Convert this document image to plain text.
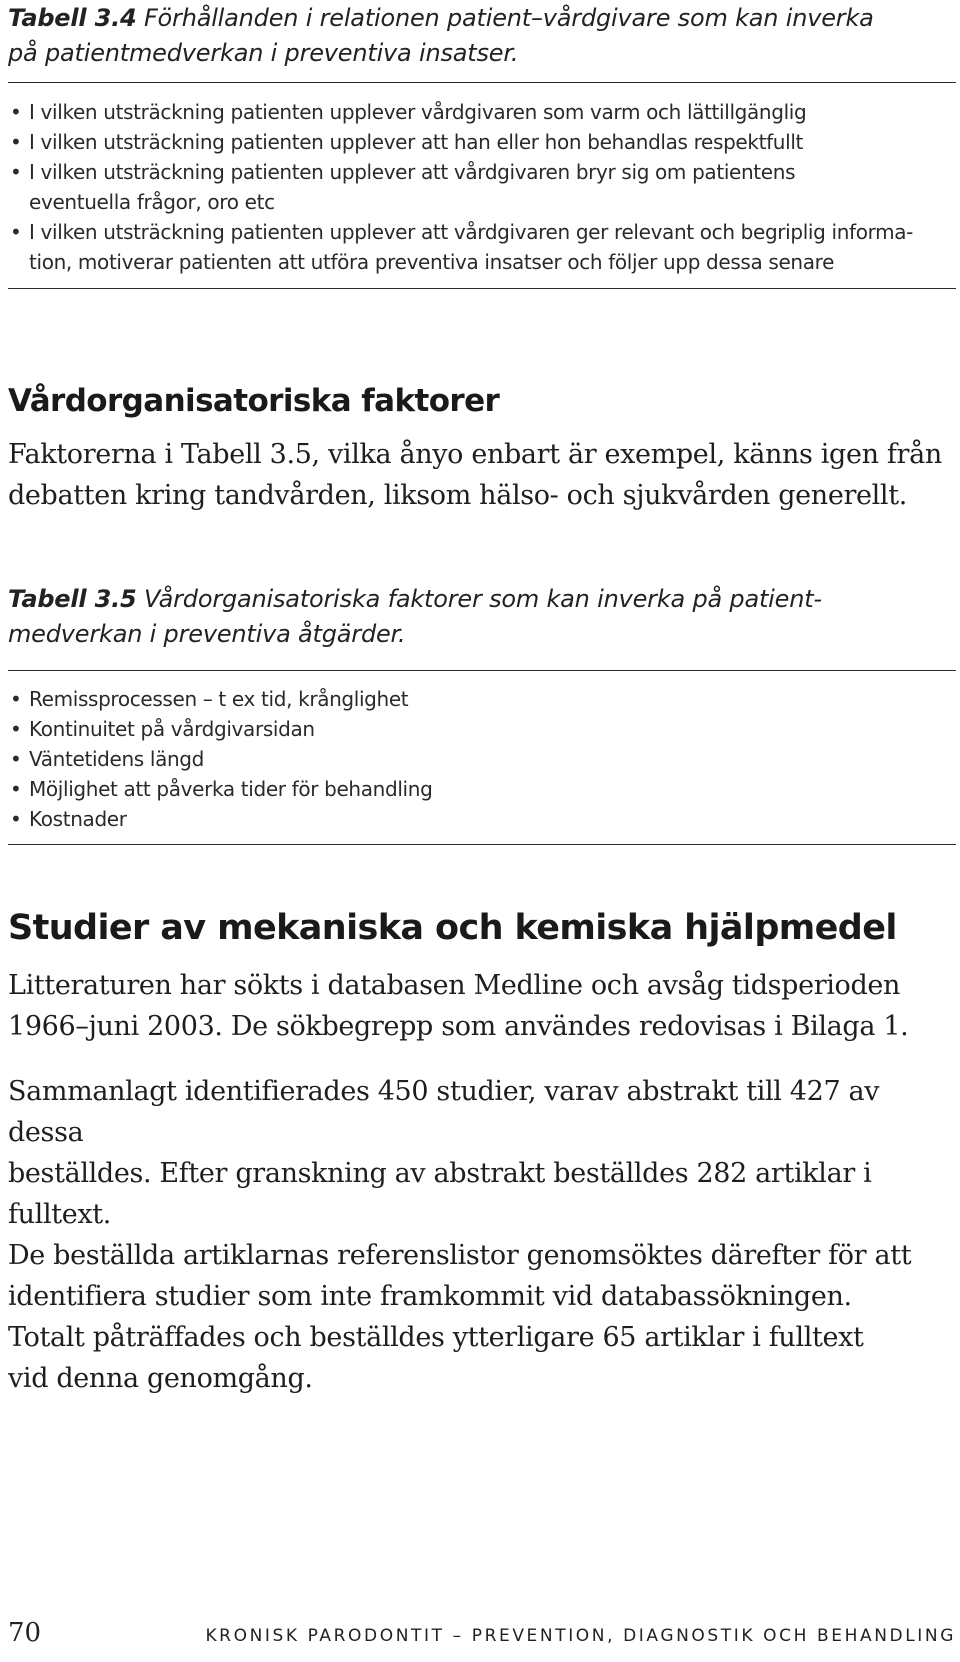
Tabell 3.4 Förhållanden i relationen patient–vårdgivare som kan inverka
på patientmedverkan i preventiva insatser.

• I vilken utsträckning patienten upplever vårdgivaren som varm och lättillgänglig
• I vilken utsträckning patienten upplever att han eller hon behandlas respektfullt
• I vilken utsträckning patienten upplever att vårdgivaren bryr sig om patientens
eventuella frågor, oro etc
• I vilken utsträckning patienten upplever att vårdgivaren ger relevant och begriplig informa-
tion, motiverar patienten att utföra preventiva insatser och följer upp dessa senare
Vårdorganisatoriska faktorer

Faktorerna i Tabell 3.5, vilka ånyo enbart är exempel, känns igen från
debatten kring tandvården, liksom hälso- och sjukvården generellt.

Tabell 3.5 Vårdorganisatoriska faktorer som kan inverka på patient-
medverkan i preventiva åtgärder.

• Remissprocessen – t ex tid, krånglighet
• Kontinuitet på vårdgivarsidan
• Väntetidens längd
• Möjlighet att påverka tider för behandling
• Kostnader
Studier av mekaniska och kemiska hjälpmedel

Litteraturen har sökts i databasen Medline och avsåg tidsperioden
1966–juni 2003. De sökbegrepp som användes redovisas i Bilaga 1.

Sammanlagt identifierades 450 studier, varav abstrakt till 427 av dessa
beställdes. Efter granskning av abstrakt beställdes 282 artiklar i fulltext.
De beställda artiklarnas referenslistor genomsöktes därefter för att
identifiera studier som inte framkommit vid databassökningen.
Totalt påträffades och beställdes ytterligare 65 artiklar i fulltext
vid denna genomgång.

70	KRONISK PARODONTIT – PREVENTION, DIAGNOSTIK OCH BEHANDLING
